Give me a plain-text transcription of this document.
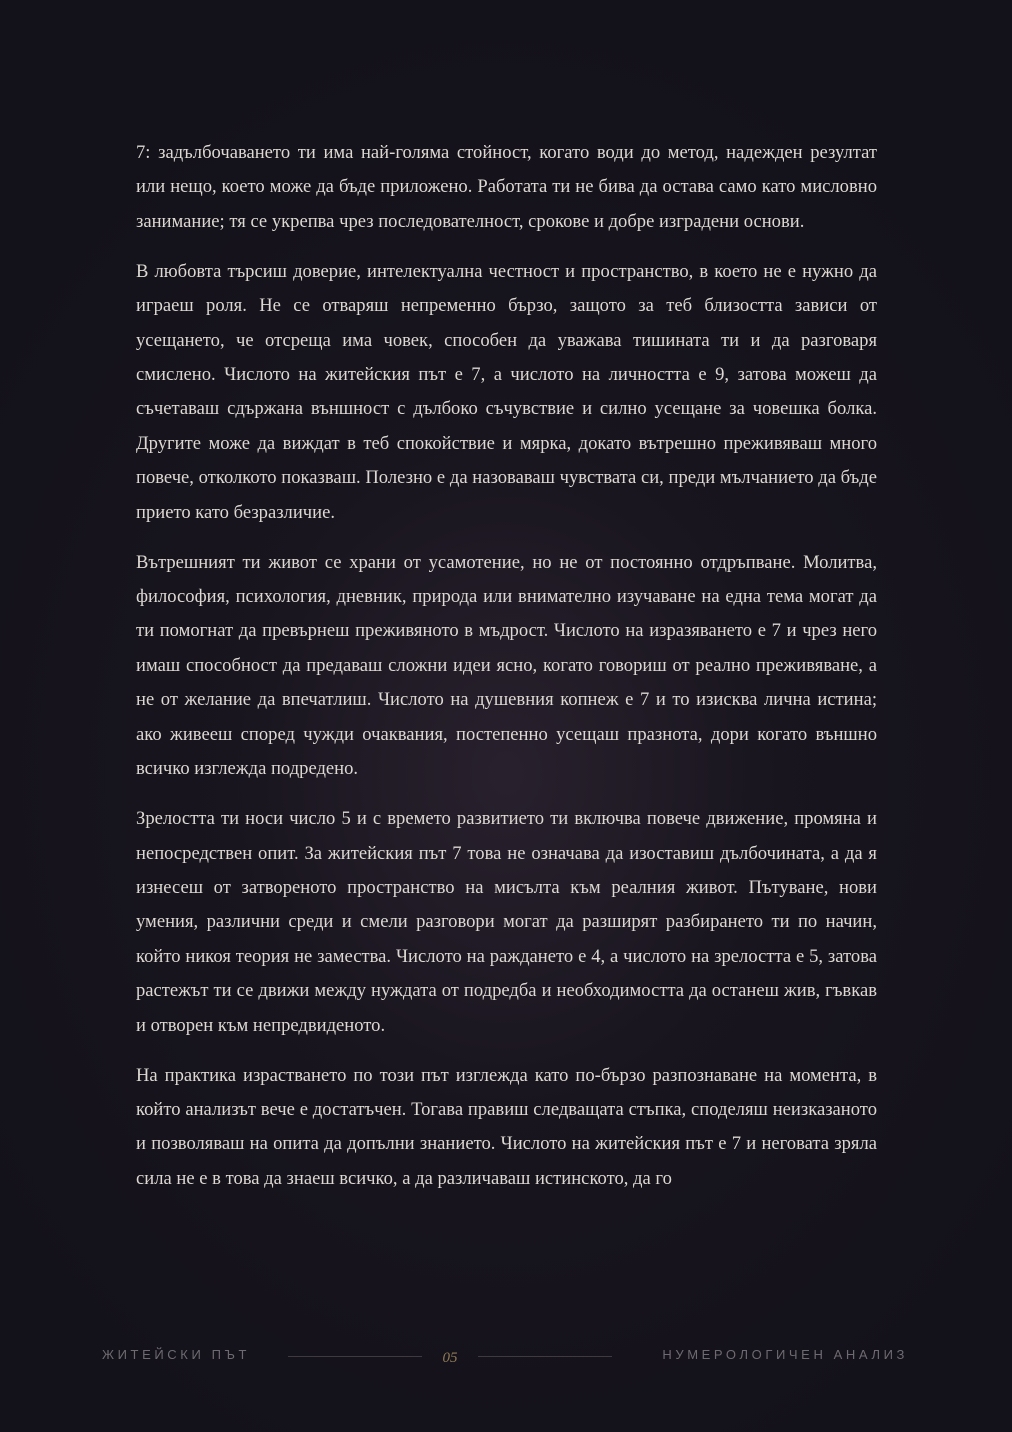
7: задълбочаването ти има най-голяма стойност, когато води до метод, надежден резултат или нещо, което може да бъде приложено. Работата ти не бива да остава само като мисловно занимание; тя се укрепва чрез последователност, срокове и добре изградени основи.

В любовта търсиш доверие, интелектуална честност и пространство, в което не е нужно да играеш роля. Не се отваряш непременно бързо, защото за теб близостта зависи от усещането, че отсреща има човек, способен да уважава тишината ти и да разговаря смислено. Числото на житейския път е 7, а числото на личността е 9, затова можеш да съчетаваш сдържана външност с дълбоко съчувствие и силно усещане за човешка болка. Другите може да виждат в теб спокойствие и мярка, докато вътрешно преживяваш много повече, отколкото показваш. Полезно е да назоваваш чувствата си, преди мълчанието да бъде прието като безразличие.

Вътрешният ти живот се храни от усамотение, но не от постоянно отдръпване. Молитва, философия, психология, дневник, природа или внимателно изучаване на една тема могат да ти помогнат да превърнеш преживяното в мъдрост. Числото на изразяването е 7 и чрез него имаш способност да предаваш сложни идеи ясно, когато говориш от реално преживяване, а не от желание да впечатлиш. Числото на душевния копнеж е 7 и то изисква лична истина; ако живееш според чужди очаквания, постепенно усещаш празнота, дори когато външно всичко изглежда подредено.

Зрелостта ти носи число 5 и с времето развитието ти включва повече движение, промяна и непосредствен опит. За житейския път 7 това не означава да изоставиш дълбочината, а да я изнесеш от затвореното пространство на мисълта към реалния живот. Пътуване, нови умения, различни среди и смели разговори могат да разширят разбирането ти по начин, който никоя теория не замества. Числото на раждането е 4, а числото на зрелостта е 5, затова растежът ти се движи между нуждата от подредба и необходимостта да останеш жив, гъвкав и отворен към непредвиденото.

На практика израстването по този път изглежда като по-бързо разпознаване на момента, в който анализът вече е достатъчен. Тогава правиш следващата стъпка, споделяш неизказаното и позволяваш на опита да допълни знанието. Числото на житейския път е 7 и неговата зряла сила не е в това да знаеш всичко, а да различаваш истинското, да го

ЖИТЕЙСКИ ПЪТ	05	НУМЕРОЛОГИЧЕН АНАЛИЗ
